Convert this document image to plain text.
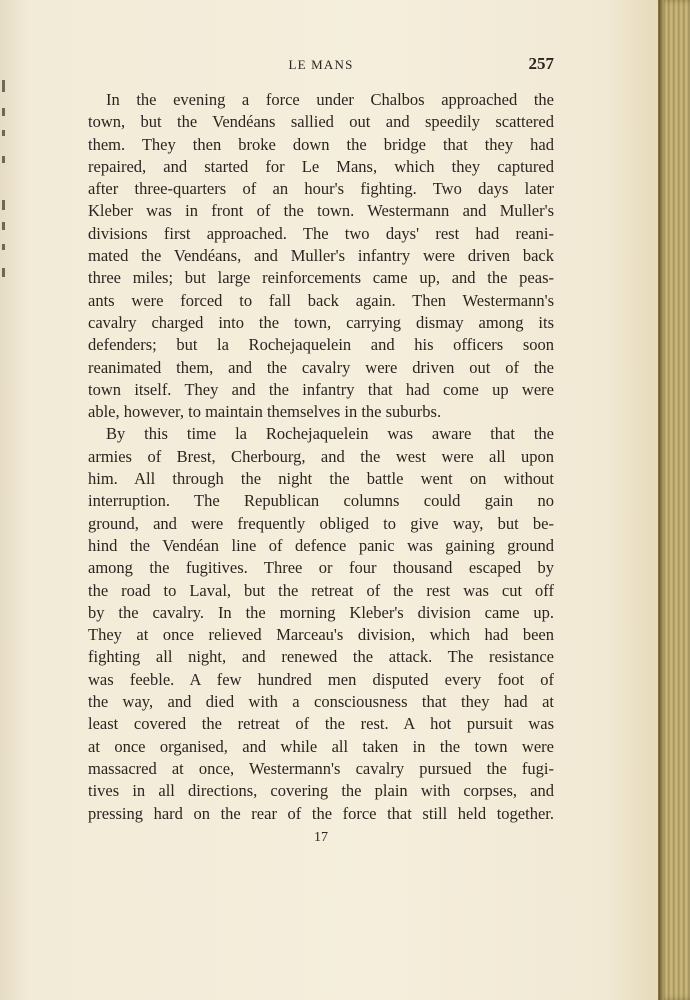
LE MANS	257
In the evening a force under Chalbos approached the
town, but the Vendéans sallied out and speedily scattered
them. They then broke down the bridge that they had
repaired, and started for Le Mans, which they captured
after three-quarters of an hour's fighting. Two days later
Kleber was in front of the town. Westermann and Muller's
divisions first approached. The two days' rest had reani-
mated the Vendéans, and Muller's infantry were driven back
three miles; but large reinforcements came up, and the peas-
ants were forced to fall back again. Then Westermann's
cavalry charged into the town, carrying dismay among its
defenders; but la Rochejaquelein and his officers soon
reanimated them, and the cavalry were driven out of the
town itself. They and the infantry that had come up were
able, however, to maintain themselves in the suburbs.
By this time la Rochejaquelein was aware that the
armies of Brest, Cherbourg, and the west were all upon
him. All through the night the battle went on without
interruption. The Republican columns could gain no
ground, and were frequently obliged to give way, but be-
hind the Vendéan line of defence panic was gaining ground
among the fugitives. Three or four thousand escaped by
the road to Laval, but the retreat of the rest was cut off
by the cavalry. In the morning Kleber's division came up.
They at once relieved Marceau's division, which had been
fighting all night, and renewed the attack. The resistance
was feeble. A few hundred men disputed every foot of
the way, and died with a consciousness that they had at
least covered the retreat of the rest. A hot pursuit was
at once organised, and while all taken in the town were
massacred at once, Westermann's cavalry pursued the fugi-
tives in all directions, covering the plain with corpses, and
pressing hard on the rear of the force that still held together.
17
